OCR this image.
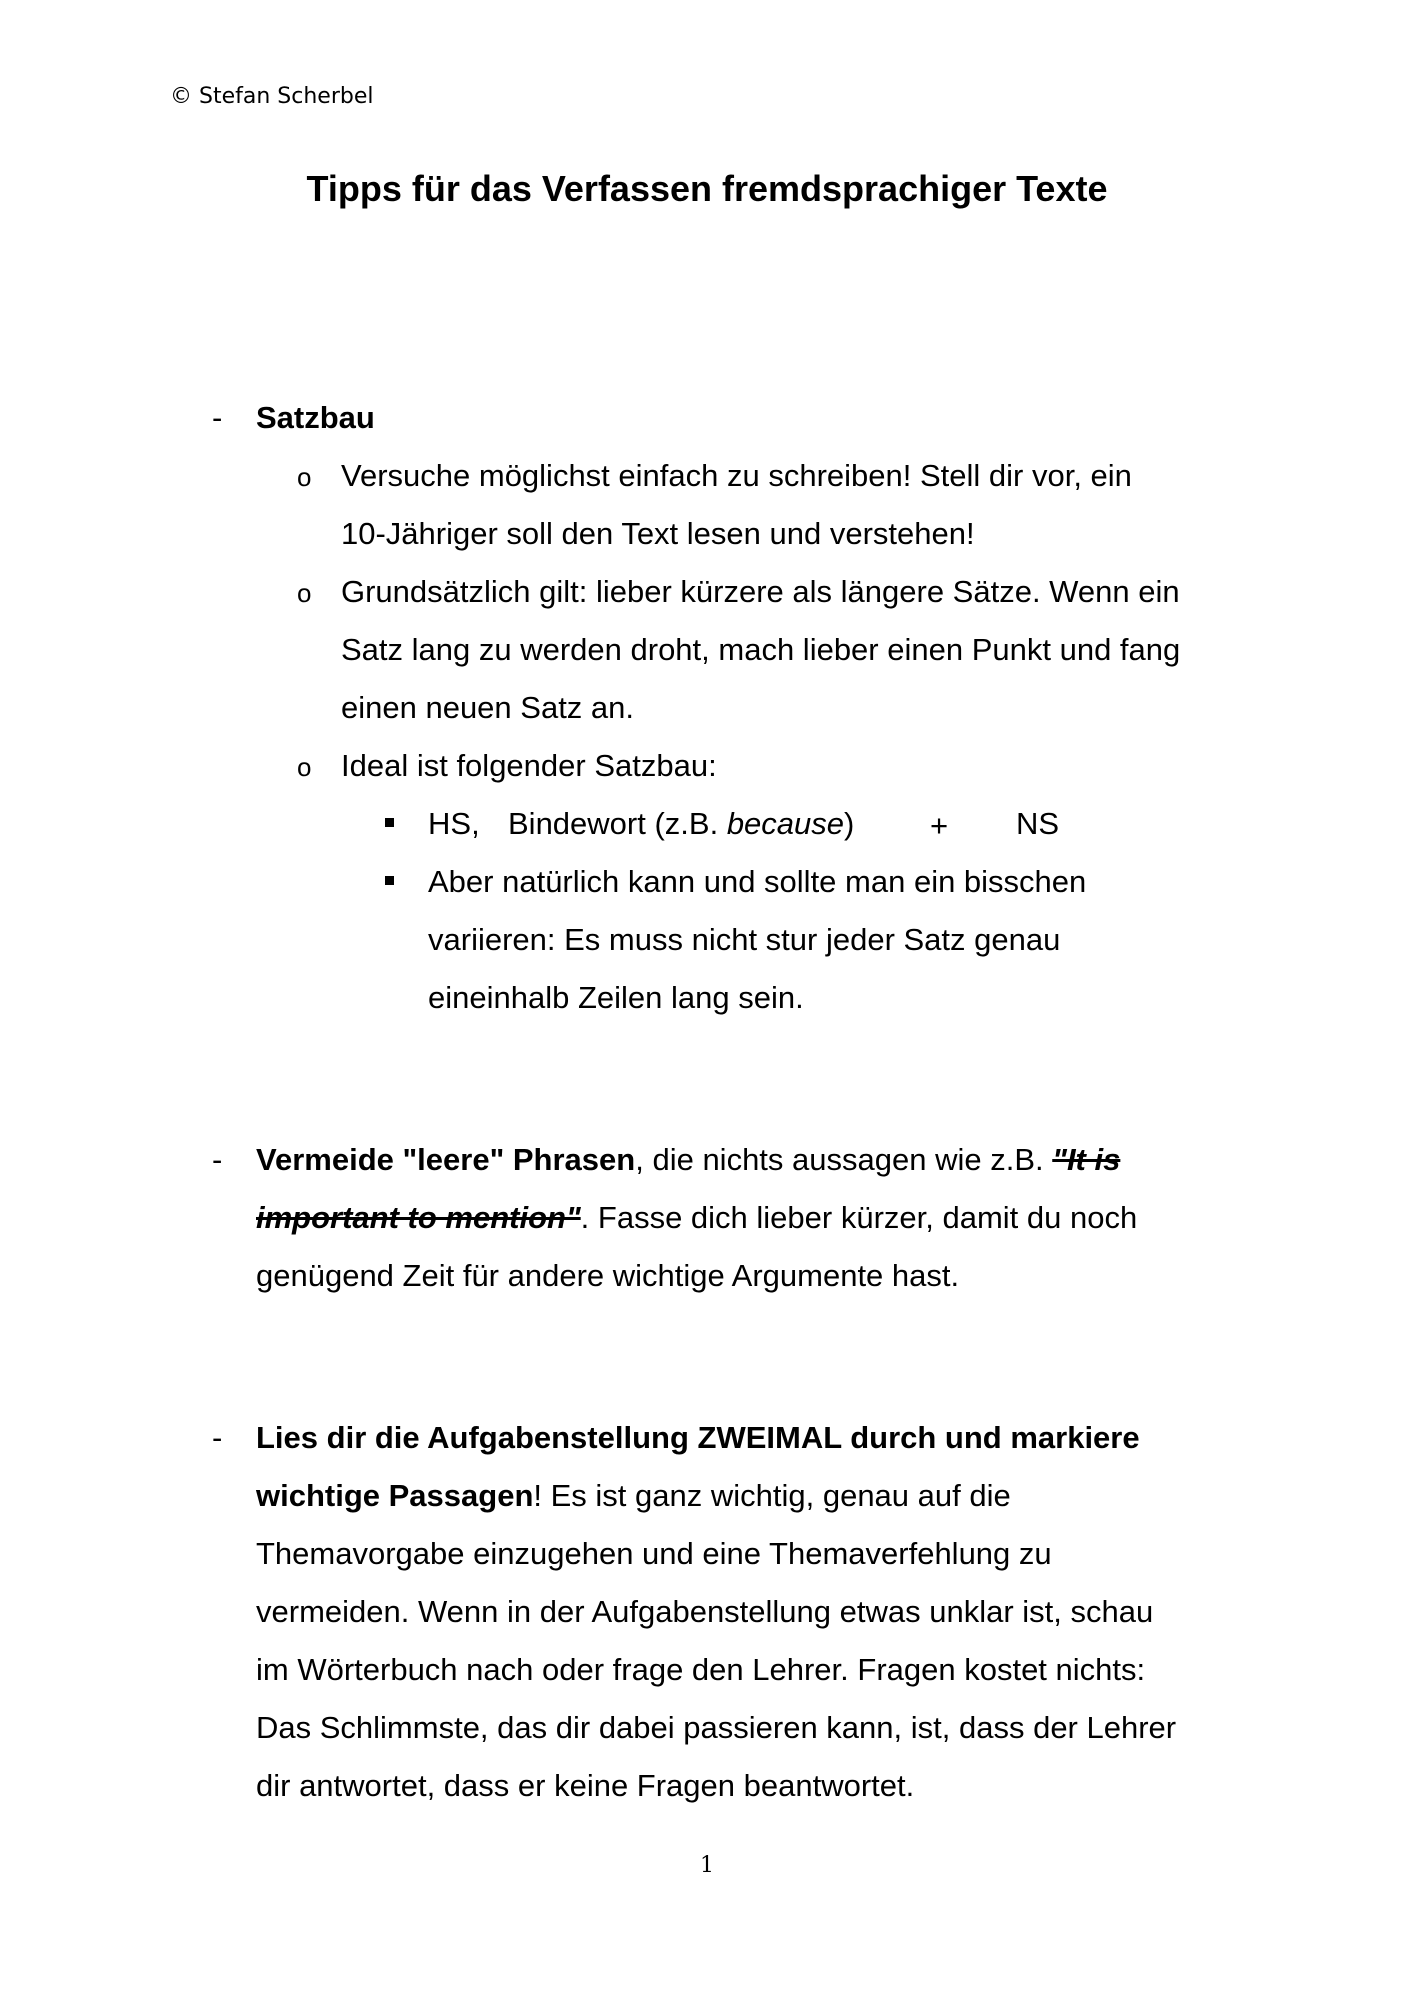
© Stefan Scherbel
Tipps für das Verfassen fremdsprachiger Texte
- Satzbau
o Versuche möglichst einfach zu schreiben! Stell dir vor, ein
10-Jähriger soll den Text lesen und verstehen!
o Grundsätzlich gilt: lieber kürzere als längere Sätze. Wenn ein
Satz lang zu werden droht, mach lieber einen Punkt und fang
einen neuen Satz an.
o Ideal ist folgender Satzbau:
HS, Bindewort (z.B. because) + NS
Aber natürlich kann und sollte man ein bisschen
variieren: Es muss nicht stur jeder Satz genau
eineinhalb Zeilen lang sein.
- Vermeide "leere" Phrasen, die nichts aussagen wie z.B. "It is
important to mention". Fasse dich lieber kürzer, damit du noch
genügend Zeit für andere wichtige Argumente hast.
- Lies dir die Aufgabenstellung ZWEIMAL durch und markiere
wichtige Passagen! Es ist ganz wichtig, genau auf die
Themavorgabe einzugehen und eine Themaverfehlung zu
vermeiden. Wenn in der Aufgabenstellung etwas unklar ist, schau
im Wörterbuch nach oder frage den Lehrer. Fragen kostet nichts:
Das Schlimmste, das dir dabei passieren kann, ist, dass der Lehrer
dir antwortet, dass er keine Fragen beantwortet.
1
